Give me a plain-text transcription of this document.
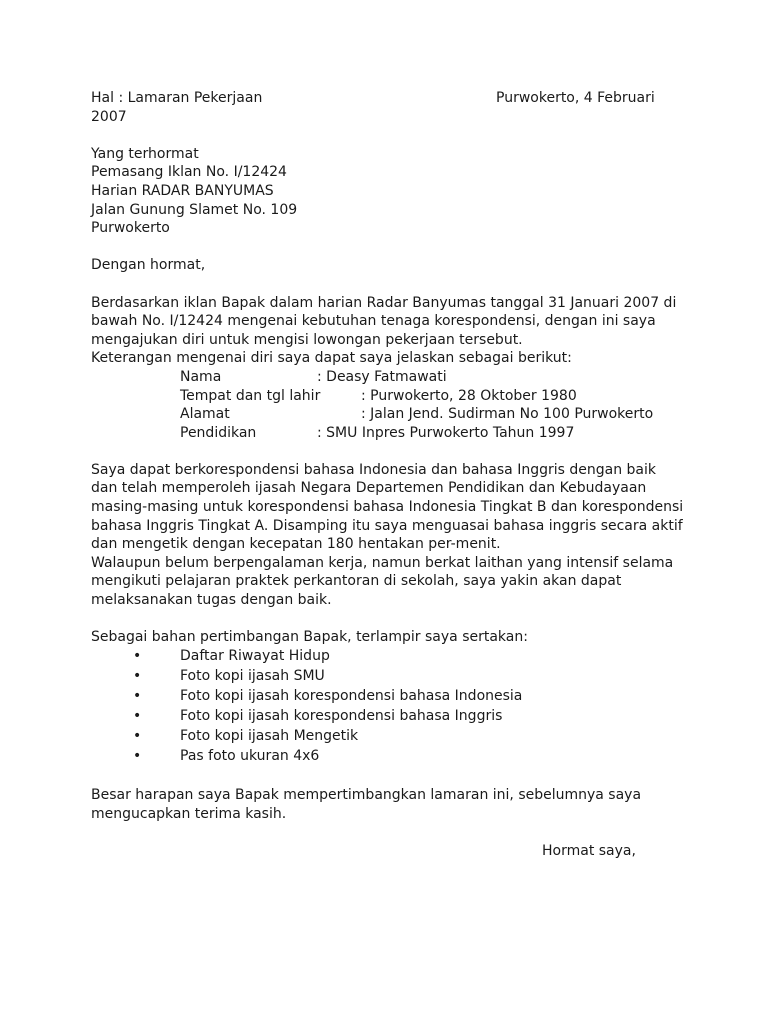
Hal : Lamaran Pekerjaan	Purwokerto, 4 Februari
2007
Yang terhormat
Pemasang Iklan No. I/12424
Harian RADAR BANYUMAS
Jalan Gunung Slamet No. 109
Purwokerto
Dengan hormat,
Berdasarkan iklan Bapak dalam harian Radar Banyumas tanggal 31 Januari 2007 di
bawah No. I/12424 mengenai kebutuhan tenaga korespondensi, dengan ini saya
mengajukan diri untuk mengisi lowongan pekerjaan tersebut.
Keterangan mengenai diri saya dapat saya jelaskan sebagai berikut:
Nama	: Deasy Fatmawati
Tempat dan tgl lahir	: Purwokerto, 28 Oktober 1980
Alamat	: Jalan Jend. Sudirman No 100 Purwokerto
Pendidikan	: SMU Inpres Purwokerto Tahun 1997
Saya dapat berkorespondensi bahasa Indonesia dan bahasa Inggris dengan baik
dan telah memperoleh ijasah Negara Departemen Pendidikan dan Kebudayaan
masing-masing untuk korespondensi bahasa Indonesia Tingkat B dan korespondensi
bahasa Inggris Tingkat A. Disamping itu saya menguasai bahasa inggris secara aktif
dan mengetik dengan kecepatan 180 hentakan per-menit.
Walaupun belum berpengalaman kerja, namun berkat laithan yang intensif selama
mengikuti pelajaran praktek perkantoran di sekolah, saya yakin akan dapat
melaksanakan tugas dengan baik.
Sebagai bahan pertimbangan Bapak, terlampir saya sertakan:
•	Daftar Riwayat Hidup
•	Foto kopi ijasah SMU
•	Foto kopi ijasah korespondensi bahasa Indonesia
•	Foto kopi ijasah korespondensi bahasa Inggris
•	Foto kopi ijasah Mengetik
•	Pas foto ukuran 4x6
Besar harapan saya Bapak mempertimbangkan lamaran ini, sebelumnya saya
mengucapkan terima kasih.
Hormat saya,
